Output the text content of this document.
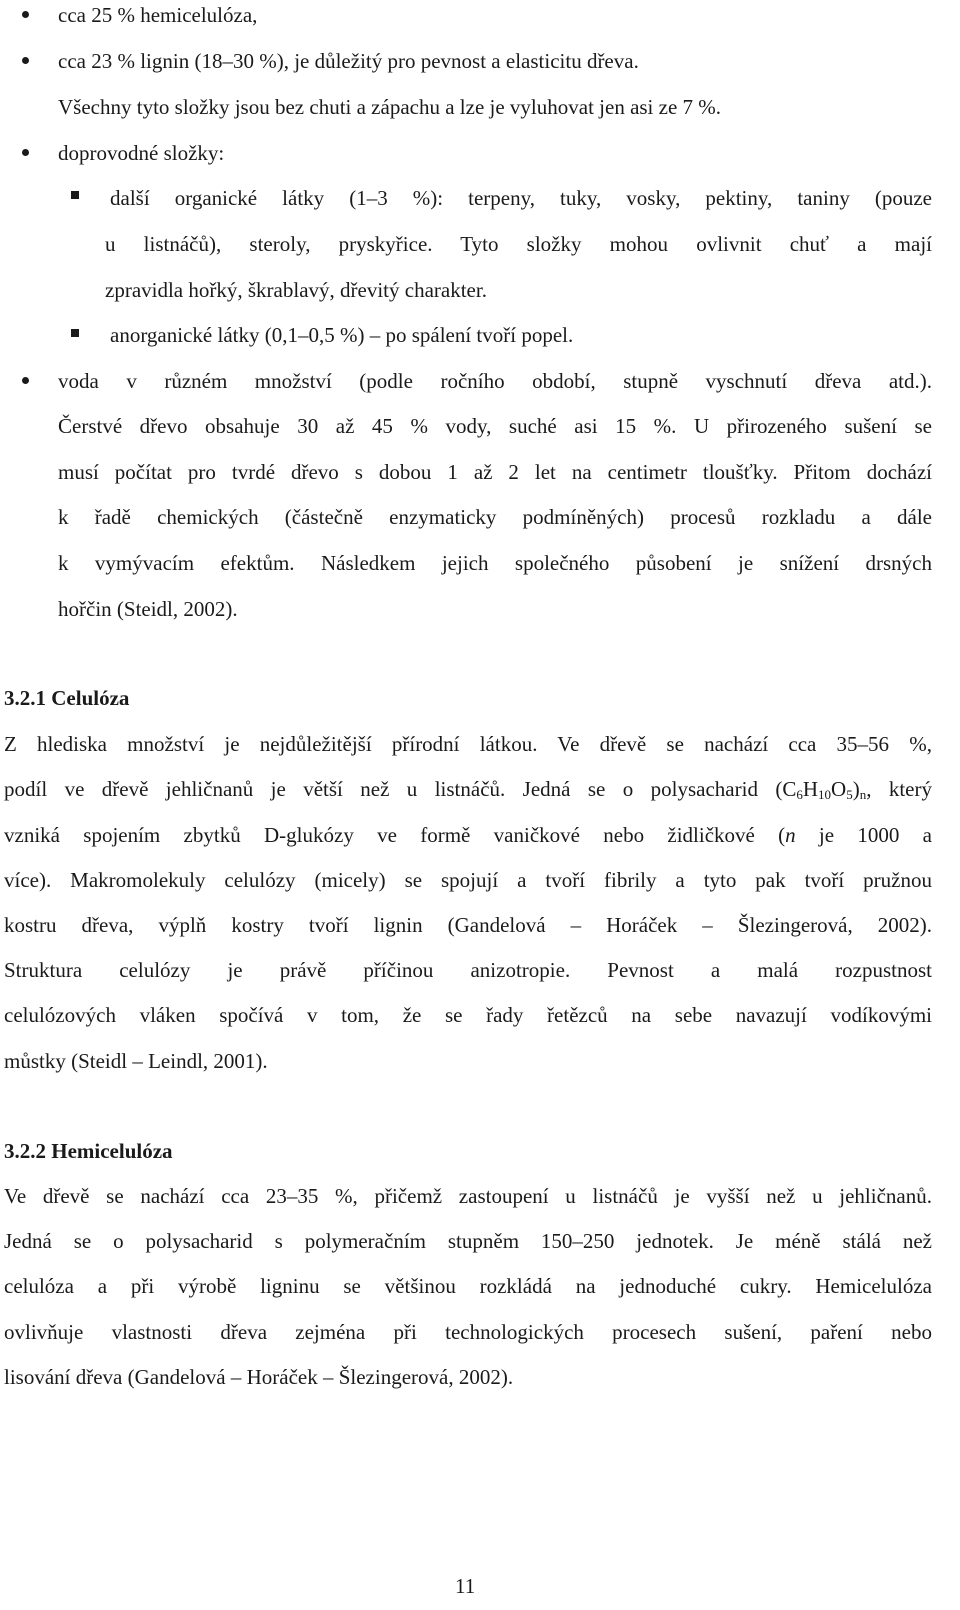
cca 25 % hemicelulóza,
cca 23 % lignin (18–30 %), je důležitý pro pevnost a elasticitu dřeva.
Všechny tyto složky jsou bez chuti a zápachu a lze je vyluhovat jen asi ze 7 %.
doprovodné složky:
další organické látky (1–3 %): terpeny, tuky, vosky, pektiny, taniny (pouze
u listnáčů), steroly, pryskyřice. Tyto složky mohou ovlivnit chuť a mají
zpravidla hořký, škrablavý, dřevitý charakter.
anorganické látky (0,1–0,5 %) – po spálení tvoří popel.
voda v různém množství (podle ročního období, stupně vyschnutí dřeva atd.).
Čerstvé dřevo obsahuje 30 až 45 % vody, suché asi 15 %. U přirozeného sušení se
musí počítat pro tvrdé dřevo s dobou 1 až 2 let na centimetr tloušťky. Přitom dochází
k řadě chemických (částečně enzymaticky podmíněných) procesů rozkladu a dále
k vymývacím efektům. Následkem jejich společného působení je snížení drsných
hořčin (Steidl, 2002).
3.2.1 Celulóza
Z hlediska množství je nejdůležitější přírodní látkou. Ve dřevě se nachází cca 35–56 %,
podíl ve dřevě jehličnanů je větší než u listnáčů. Jedná se o polysacharid $(C_6H_{10}O_5)_n$, který
vzniká spojením zbytků D-glukózy ve formě vaničkové nebo židličkové (n je 1000 a
více). Makromolekuly celulózy (micely) se spojují a tvoří fibrily a tyto pak tvoří pružnou
kostru dřeva, výplň kostry tvoří lignin (Gandelová – Horáček – Šlezingerová, 2002).
Struktura celulózy je právě příčinou anizotropie. Pevnost a malá rozpustnost
celulózových vláken spočívá v tom, že se řady řetězců na sebe navazují vodíkovými
můstky (Steidl – Leindl, 2001).
3.2.2 Hemicelulóza
Ve dřevě se nachází cca 23–35 %, přičemž zastoupení u listnáčů je vyšší než u jehličnanů.
Jedná se o polysacharid s polymeračním stupněm 150–250 jednotek. Je méně stálá než
celulóza a při výrobě ligninu se většinou rozkládá na jednoduché cukry. Hemicelulóza
ovlivňuje vlastnosti dřeva zejména při technologických procesech sušení, paření nebo
lisování dřeva (Gandelová – Horáček – Šlezingerová, 2002).
11
